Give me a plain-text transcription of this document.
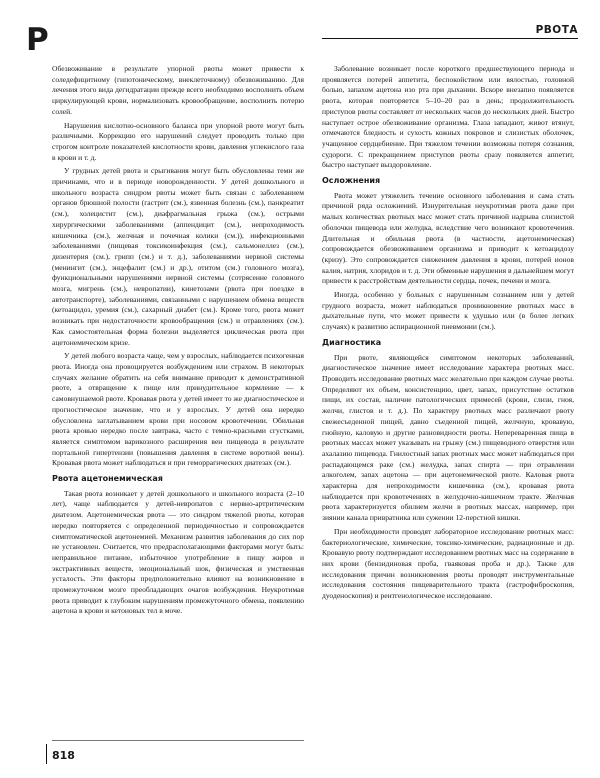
Р	РВОТА

Обезвоживание в результате упорной рвоты может привести к соледефицитному (гипотоническому, внеклеточному) обезвоживанию. Для лечения этого вида дегидратации прежде всего необходимо восполнить объем циркулирующей крови, нормализовать кровообращение, восполнить потерю солей.

Нарушения кислотно-основного баланса при упорной рвоте могут быть различными. Коррекцию его нарушений следует проводить только при строгом контроле показателей кислотности крови, давления углекислого газа в крови и т. д.

У грудных детей рвота и срыгивания могут быть обусловлены теми же причинами, что и в периоде новорожденности. У детей дошкольного и школьного возраста синдром рвоты может быть связан с заболеванием органов брюшной полости (гастрит (см.), язвенная болезнь (см.), панкреатит (см.), холецистит (см.), диафрагмальная грыжа (см.), острыми хирургическими заболеваниями (аппендицит (см.), непроходимость кишечника (см.), желчная и почечная колики (см.)), инфекционными заболеваниями (пищевая токсикоинфекция (см.), сальмонеллез (см.), дизентерия (см.), грипп (см.) и т. д.), заболеваниями нервной системы (менингит (см.), энцефалит (см.) и др.), отитом (см.) головного мозга), функциональными нарушениями нервной системы (сотрясение головного мозга, мигрень (см.), невропатии), кинетозами (рвота при поездке в автотранспорте), заболеваниями, связанными с нарушением обмена веществ (кетоацидоз, уремия (см.), сахарный диабет (см.). Кроме того, рвота может возникать при недостаточности кровообращения (см.) и отравлениях (см.). Как самостоятельная форма болезни выделяется циклическая рвота при ацетонемическом кризе.

У детей любого возраста чаще, чем у взрослых, наблюдается психогенная рвота. Иногда она провоцируется возбуждением или страхом. В некоторых случаях желание обратить на себя внимание приводит к демонстративной рвоте, а отвращение к пище или принудительное кормление — к самовнушаемой рвоте. Кровавая рвота у детей имеет то же диагностическое и прогностическое значение, что и у взрослых. У детей она нередко обусловлена заглатыванием крови при носовом кровотечении. Обильная рвота кровью нередко после завтрака, часто с темно-красными сгустками, является симптомом варикозного расширения вен пищевода в результате портальной гипертензии (повышения давления в системе воротной вены). Кровавая рвота может наблюдаться и при геморрагических диатезах (см.).

Рвота ацетонемическая

Такая рвота возникает у детей дошкольного и школьного возраста (2–10 лет), чаще наблюдается у детей-невропатов с нервно-артритическим диатезом. Ацетонемическая рвота — это синдром тяжелой рвоты, которая нередко повторяется с определенной периодичностью и сопровождается симптоматической ацетонемией. Механизм развития заболевания до сих пор не установлен. Считается, что предрасполагающими факторами могут быть: неправильное питание, избыточное употребление в пищу жиров и экстрактивных веществ, эмоциональный шок, физическая и умственная усталость. Эти факторы предположительно влияют на возникновение в промежуточном мозге преобладающих очагов возбуждения. Неукротимая рвота приводит к глубоким нарушениям промежуточного обмена, появлению ацетона в крови и кетоновых тел в моче.

Заболевание возникает после короткого предшествующего периода и проявляется потерей аппетита, беспокойством или вялостью, головной болью, запахом ацетона изо рта при дыхании. Вскоре внезапно появляется рвота, которая повторяется 5–10–20 раз в день; продолжительность приступов рвоты составляет от нескольких часов до нескольких дней. Быстро наступает острое обезвоживание организма. Глаза западают, живот втянут, отмечаются бледность и сухость кожных покровов и слизистых оболочек, учащенное сердцебиение. При тяжелом течении возможны потеря сознания, судороги. С прекращением приступов рвоты сразу появляется аппетит, быстро наступает выздоровление.

Осложнения

Рвота может утяжелить течение основного заболевания и сама стать причиной ряда осложнений. Изнурительная неукротимая рвота даже при малых количествах рвотных масс может стать причиной надрыва слизистой оболочки пищевода или желудка, вследствие чего возникают кровотечения. Длительная и обильная рвота (в частности, ацетонемическая) сопровождается обезвоживанием организма и приводит к кетоацидозу (кризу). Это сопровождается снижением давления в крови, потерей ионов калия, натрия, хлоридов и т. д. Эти обменные нарушения в дальнейшем могут привести к расстройствам деятельности сердца, почек, печени и мозга.

Иногда, особенно у больных с нарушенным сознанием или у детей грудного возраста, может наблюдаться проникновение рвотных масс в дыхательные пути, что может привести к удушью или (в более легких случаях) к развитию аспирационной пневмонии (см.).

Диагностика

При рвоте, являющейся симптомом некоторых заболеваний, диагностическое значение имеет исследование характера рвотных масс. Проводить исследование рвотных масс желательно при каждом случае рвоты. Определяют их объем, консистенцию, цвет, запах, присутствие остатков пищи, их состав, наличие патологических примесей (крови, слизи, гноя, желчи, глистов и т. д.). По характеру рвотных масс различают рвоту свежесъеденной пищей, давно съеденной пищей, желчную, кровавую, гнойную, каловую и другие разновидности рвоты. Непереваренная пища в рвотных массах может указывать на грыжу (см.) пищеводного отверстия или ахалазию пищевода. Гнилостный запах рвотных масс может наблюдаться при распадающемся раке (см.) желудка, запах спирта — при отравлении алкоголем, запах ацетона — при ацетонемической рвоте. Каловая рвота характерна для непроходимости кишечника (см.), кровавая рвота наблюдается при кровотечениях в желудочно-кишечном тракте. Желчная рвота характеризуется обилием желчи в рвотных массах, например, при зиянии канала привратника или сужении 12-перстной кишки.

При необходимости проводят лабораторное исследование рвотных масс: бактериологические, химические, токсико-химические, радиационные и др. Кровавую рвоту подтверждают исследованием рвотных масс на содержание в них крови (бензидиновая проба, гваяковая проба и др.). Также для исследования причин возникновения рвоты проводят инструментальные исследования состояния пищеварительного тракта (гастрофиброскопия, дуоденоскопия) и рентгенологическое исследование.

818
